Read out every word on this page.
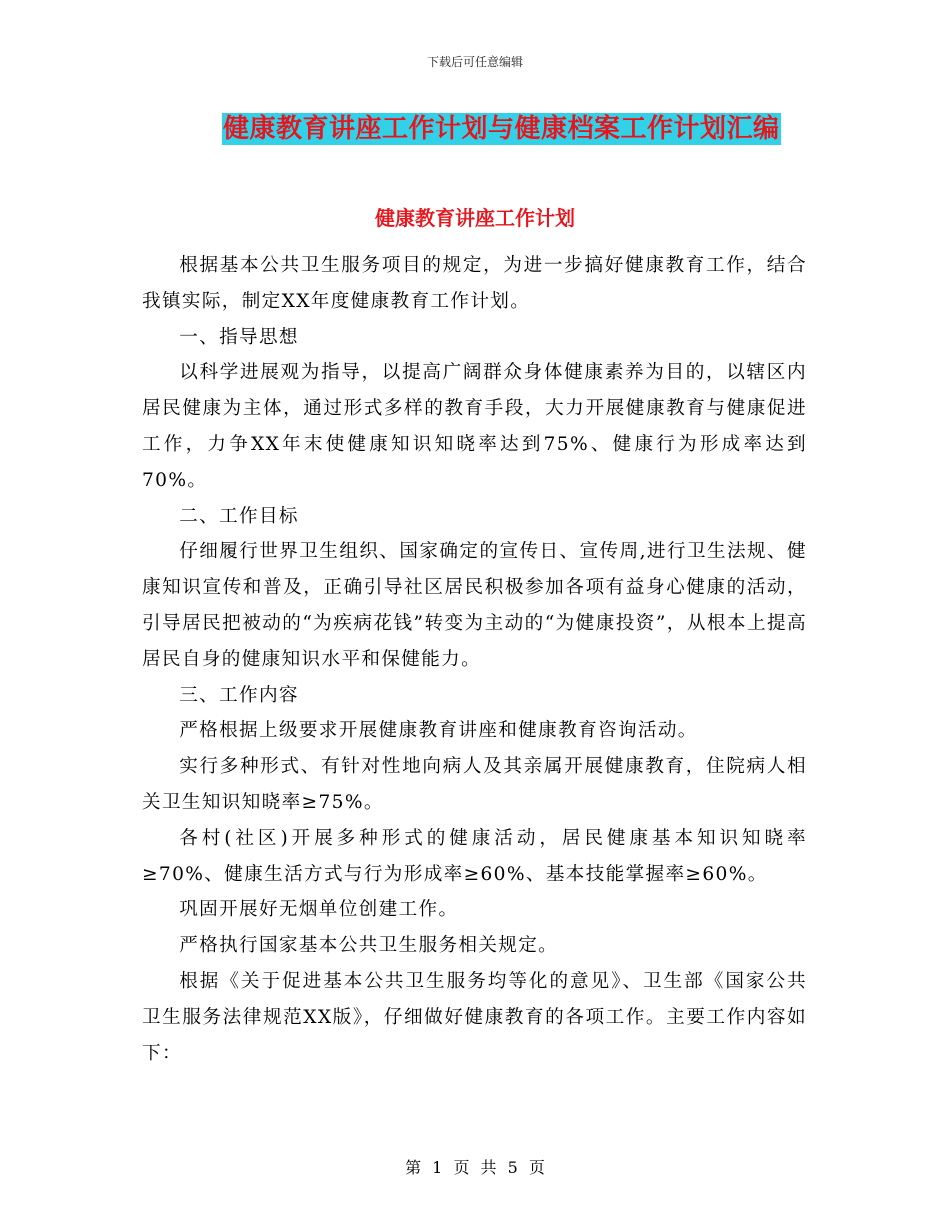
下载后可任意编辑
健康教育讲座工作计划与健康档案工作计划汇编
健康教育讲座工作计划

根据基本公共卫生服务项目的规定，为进一步搞好健康教育工作，结合我镇实际，制定XX年度健康教育工作计划。

一、指导思想

以科学进展观为指导，以提高广阔群众身体健康素养为目的，以辖区内居民健康为主体，通过形式多样的教育手段，大力开展健康教育与健康促进工作，力争XX年末使健康知识知晓率达到75%、健康行为形成率达到70%。

二、工作目标

仔细履行世界卫生组织、国家确定的宣传日、宣传周,进行卫生法规、健康知识宣传和普及，正确引导社区居民积极参加各项有益身心健康的活动，引导居民把被动的“为疾病花钱”转变为主动的“为健康投资”，从根本上提高居民自身的健康知识水平和保健能力。

三、工作内容

严格根据上级要求开展健康教育讲座和健康教育咨询活动。

实行多种形式、有针对性地向病人及其亲属开展健康教育，住院病人相关卫生知识知晓率≥75%。

各村(社区)开展多种形式的健康活动，居民健康基本知识知晓率≥70%、健康生活方式与行为形成率≥60%、基本技能掌握率≥60%。

巩固开展好无烟单位创建工作。

严格执行国家基本公共卫生服务相关规定。

根据《关于促进基本公共卫生服务均等化的意见》、卫生部《国家公共卫生服务法律规范XX版》，仔细做好健康教育的各项工作。主要工作内容如下：

第 1 页 共 5 页
